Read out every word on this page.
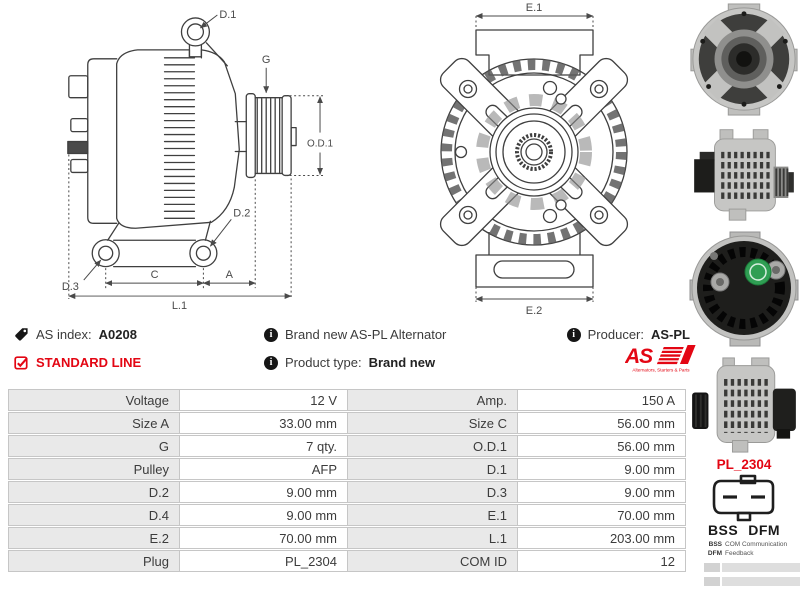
D.1
G
O.D.1
D.2
D.3
C	A
L.1
E.1
E.2
PL_2304
BSS DFM
BSS COM Communication
DFM Feedback
AS index: A0208 i	Brand new AS-PL Alternator i	Producer: AS-PL
STANDARD LINE i	Product type: Brand new	AS
Alternators, Starters & Parts
Voltage	12 V	Amp.	150 A
Size A	33.00 mm	Size C	56.00 mm
G	7 qty.	O.D.1	56.00 mm
Pulley	AFP	D.1	9.00 mm
D.2	9.00 mm	D.3	9.00 mm
D.4	9.00 mm	E.1	70.00 mm
E.2	70.00 mm	L.1	203.00 mm
Plug	PL_2304	COM ID	12
